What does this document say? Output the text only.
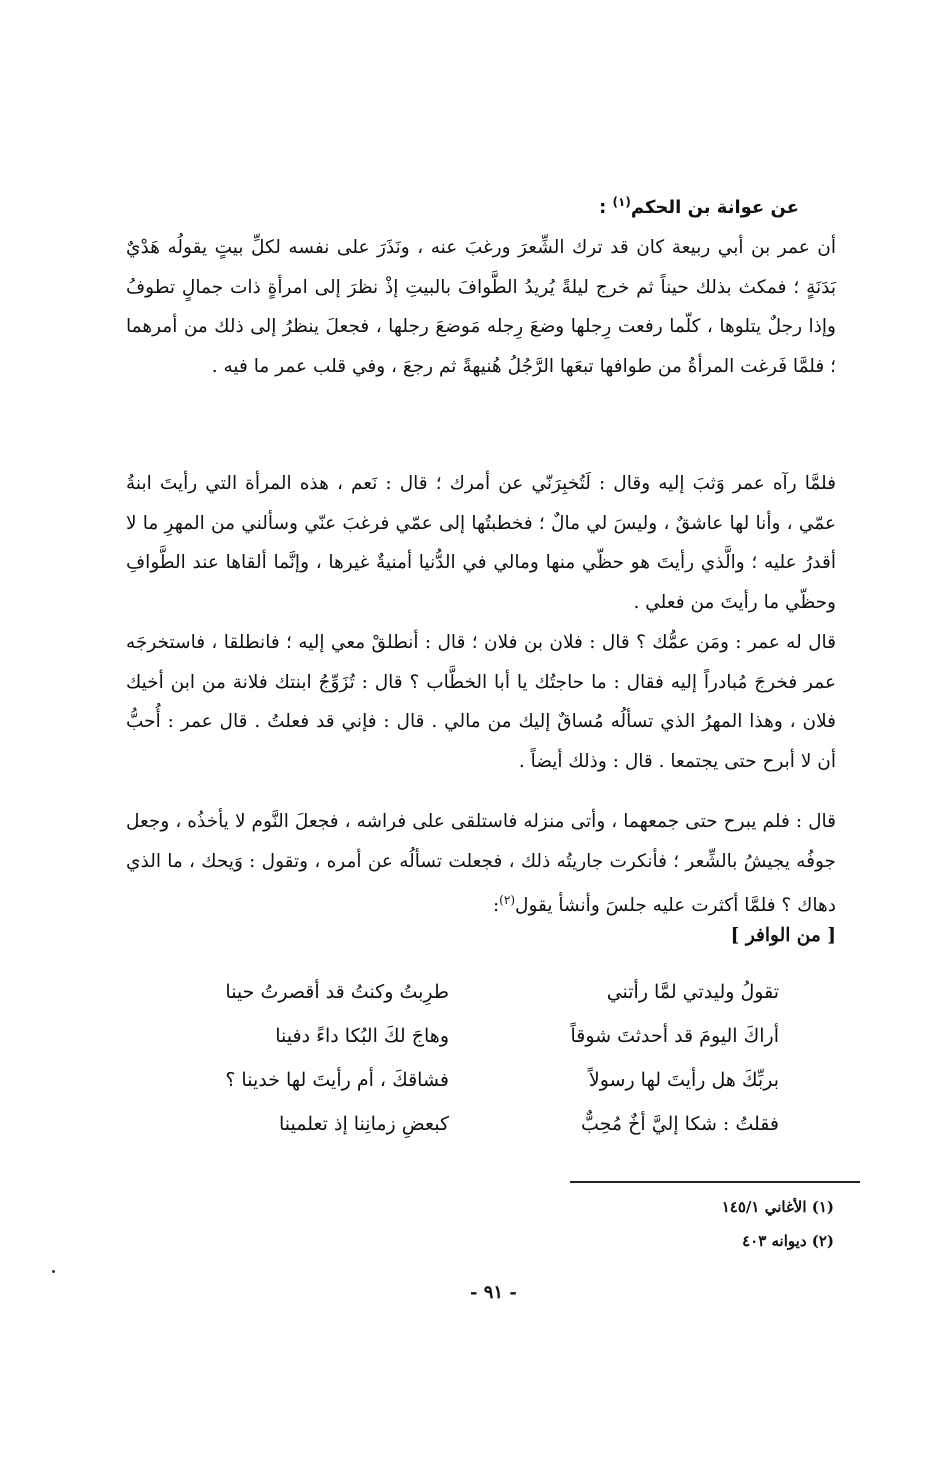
عن عوانة بن الحكم$^{(١)}$ :

أن عمر بن أبي ربيعة كان قد ترك الشِّعرَ ورغبَ عنه ، ونَذَرَ على نفسه لكلِّ بيتٍ يقولُه هَدْيٌ بَدَنَةٍ ؛ فمكث بذلك حيناً ثم خرج ليلةً يُريدُ الطَّوافَ بالبيتِ إذْ نظرَ إلى امرأةٍ ذات جمالٍ تطوفُ وإذا رجلٌ يتلوها ، كلّما رفعت رِجلها وضعَ رِجله مَوضعَ رجلها ، فجعلَ ينظرُ إلى ذلك من أمرهما ؛ فلمَّا فَرغت المرأةُ من طوافها تبعَها الرَّجُلُ هُنيهةً ثم رجعَ ، وفي قلب عمر ما فيه .

فلمَّا رآه عمر وَثبَ إليه وقال : لَتُخبِرَنّي عن أمرك ؛ قال : نَعم ، هذه المرأة التي رأيتَ ابنةُ عمّي ، وأنا لها عاشقٌ ، وليسَ لي مالٌ ؛ فخطبتُها إلى عمّي فرغبَ عنّي وسألني من المهرِ ما لا أقدرُ عليه ؛ والَّذي رأيتَ هو حظّي منها ومالي في الدُّنيا أمنيةٌ غيرها ، وإنَّما ألقاها عند الطَّوافِ وحظّي ما رأيتَ من فعلي .

قال له عمر : ومَن عمُّك ؟ قال : فلان بن فلان ؛ قال : أنطلقْ معي إليه ؛ فانطلقا ، فاستخرجَه عمر فخرجَ مُبادراً إليه فقال : ما حاجتُك يا أبا الخطَّاب ؟ قال : تُزَوِّجُ ابنتك فلانة من ابن أخيك فلان ، وهذا المهرُ الذي تسألُه مُساقٌ إليك من مالي . قال : فإني قد فعلتُ . قال عمر : أُحبُّ أن لا أبرح حتى يجتمعا . قال : وذلك أيضاً .

قال : فلم يبرح حتى جمعهما ، وأتى منزله فاستلقى على فراشه ، فجعلَ النَّوم لا يأخذُه ، وجعل جوفُه يجيشُ بالشِّعر ؛ فأنكرت جاريتُه ذلك ، فجعلت تسألُه عن أمره ، وتقول : وَيحك ، ما الذي دهاك ؟ فلمَّا أكثرت عليه جلسَ وأنشأ يقول$^{(٢)}$:

[ من الوافر ]
تقولُ وليدتي لمَّا رأتني
طرِبتُ وكنتُ قد أقصرتُ حينا
أراكَ اليومَ قد أحدثتَ شوقاً
وهاجَ لكَ البُكا داءً دفينا
بربِّكَ هل رأيتَ لها رسولاً
فشاقكَ ، أم رأيتَ لها خدينا ؟
فقلتُ : شكا إليَّ أخٌ مُحِبٌّ
كبعضِ زمانِنا إذ تعلمينا
(١) الأغاني ١٤٥/١
(٢) ديوانه ٤٠٣
- ٩١ -
